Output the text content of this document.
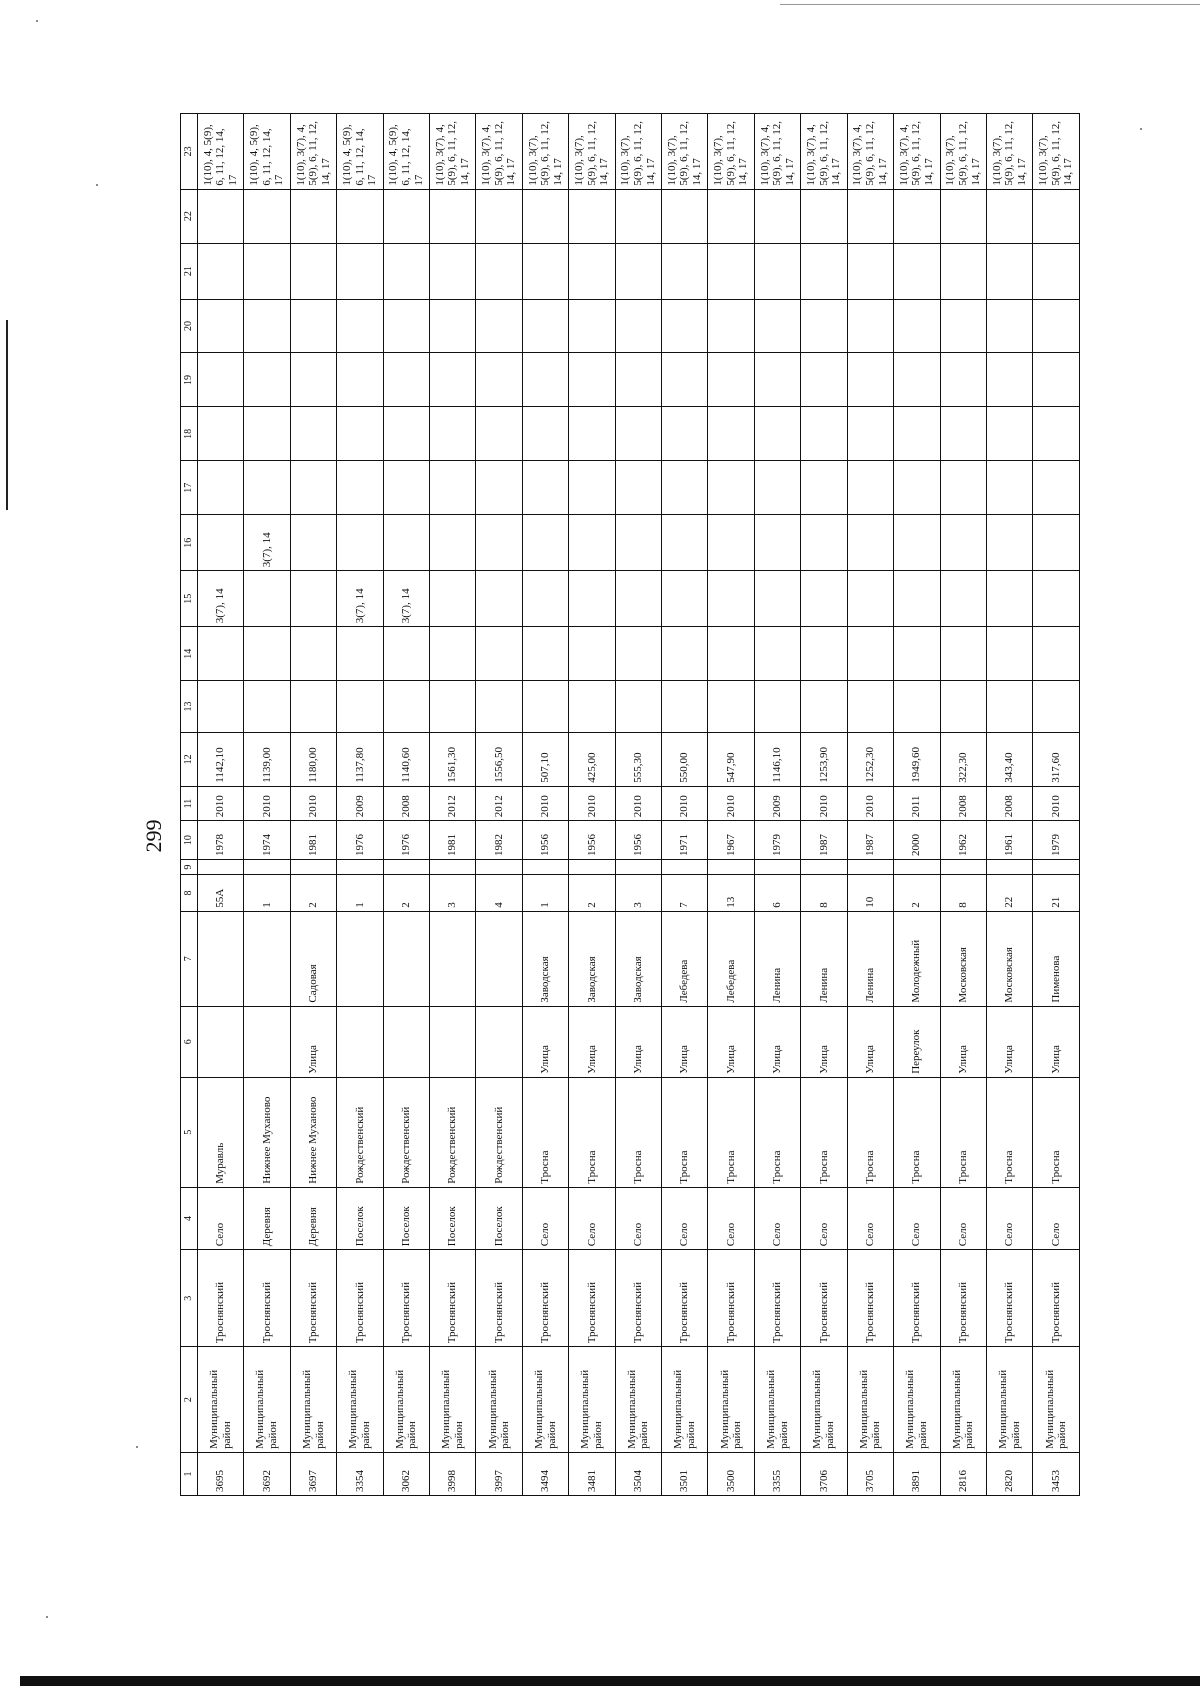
299
1	2	3	4	5	6	7	8	9	10	11	12	13	14	15	16	17	18	19	20	21	22	23
3695	Муниципальный район	Троснянский	Село	Муравль			55А		1978	2010	1142,10			3(7), 14								1(10), 4, 5(9), 6, 11, 12, 14, 17
3692	Муниципальный район	Троснянский	Деревня	Нижнее Муханово			1		1974	2010	1139,00				3(7), 14							1(10), 4, 5(9), 6, 11, 12, 14, 17
3697	Муниципальный район	Троснянский	Деревня	Нижнее Муханово	Улица	Садовая	2		1981	2010	1180,00											1(10), 3(7), 4, 5(9), 6, 11, 12, 14, 17
3354	Муниципальный район	Троснянский	Поселок	Рождественский			1		1976	2009	1137,80			3(7), 14								1(10), 4, 5(9), 6, 11, 12, 14, 17
3062	Муниципальный район	Троснянский	Поселок	Рождественский			2		1976	2008	1140,60			3(7), 14								1(10), 4, 5(9), 6, 11, 12, 14, 17
3998	Муниципальный район	Троснянский	Поселок	Рождественский			3		1981	2012	1561,30											1(10), 3(7), 4, 5(9), 6, 11, 12, 14, 17
3997	Муниципальный район	Троснянский	Поселок	Рождественский			4		1982	2012	1556,50											1(10), 3(7), 4, 5(9), 6, 11, 12, 14, 17
3494	Муниципальный район	Троснянский	Село	Тросна	Улица	Заводская	1		1956	2010	507,10											1(10), 3(7), 5(9), 6, 11, 12, 14, 17
3481	Муниципальный район	Троснянский	Село	Тросна	Улица	Заводская	2		1956	2010	425,00											1(10), 3(7), 5(9), 6, 11, 12, 14, 17
3504	Муниципальный район	Троснянский	Село	Тросна	Улица	Заводская	3		1956	2010	555,30											1(10), 3(7), 5(9), 6, 11, 12, 14, 17
3501	Муниципальный район	Троснянский	Село	Тросна	Улица	Лебедева	7		1971	2010	550,00											1(10), 3(7), 5(9), 6, 11, 12, 14, 17
3500	Муниципальный район	Троснянский	Село	Тросна	Улица	Лебедева	13		1967	2010	547,90											1(10), 3(7), 5(9), 6, 11, 12, 14, 17
3355	Муниципальный район	Троснянский	Село	Тросна	Улица	Ленина	6		1979	2009	1146,10											1(10), 3(7), 4, 5(9), 6, 11, 12, 14, 17
3706	Муниципальный район	Троснянский	Село	Тросна	Улица	Ленина	8		1987	2010	1253,90											1(10), 3(7), 4, 5(9), 6, 11, 12, 14, 17
3705	Муниципальный район	Троснянский	Село	Тросна	Улица	Ленина	10		1987	2010	1252,30											1(10), 3(7), 4, 5(9), 6, 11, 12, 14, 17
3891	Муниципальный район	Троснянский	Село	Тросна	Переулок	Молодежный	2		2000	2011	1949,60											1(10), 3(7), 4, 5(9), 6, 11, 12, 14, 17
2816	Муниципальный район	Троснянский	Село	Тросна	Улица	Московская	8		1962	2008	322,30											1(10), 3(7), 5(9), 6, 11, 12, 14, 17
2820	Муниципальный район	Троснянский	Село	Тросна	Улица	Московская	22		1961	2008	343,40											1(10), 3(7), 5(9), 6, 11, 12, 14, 17
3453	Муниципальный район	Троснянский	Село	Тросна	Улица	Пименова	21		1979	2010	317,60											1(10), 3(7), 5(9), 6, 11, 12, 14, 17
